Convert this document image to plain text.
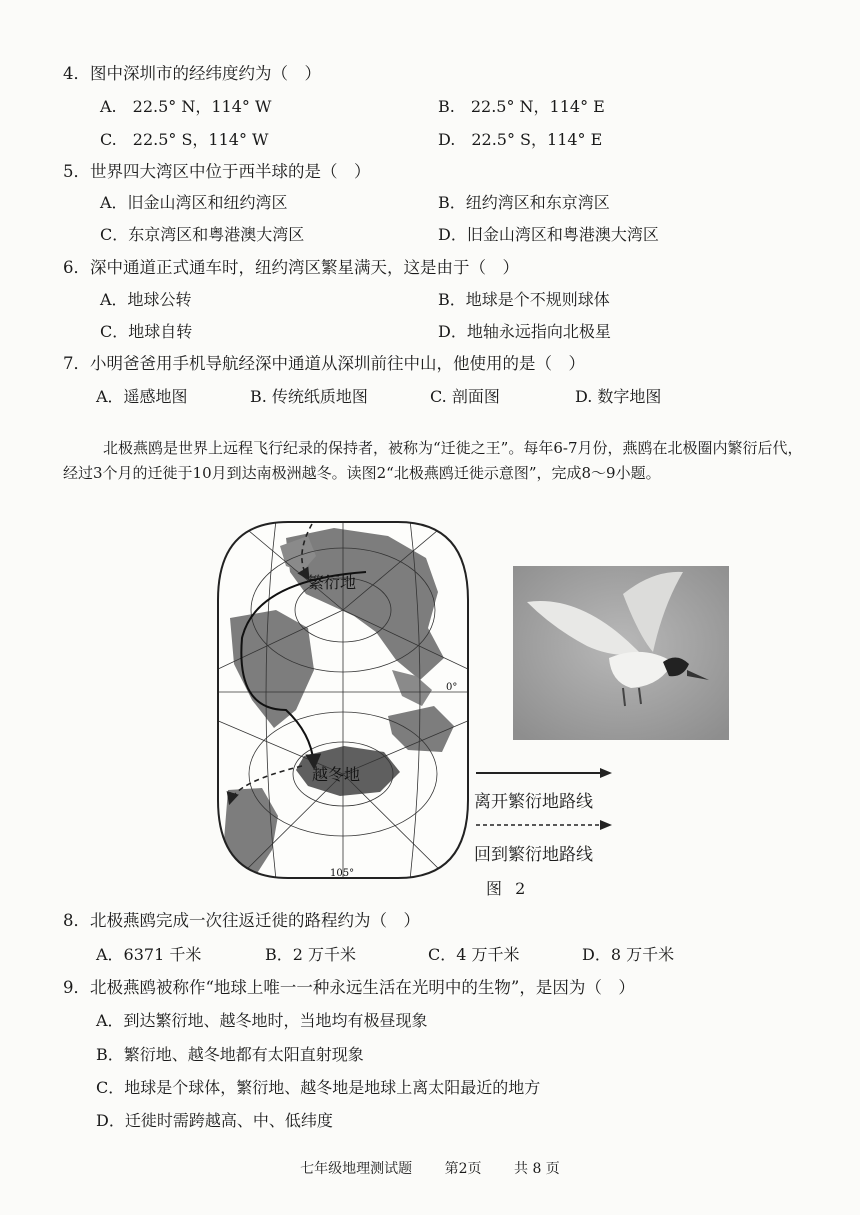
4．图中深圳市的经纬度约为（　）
A.　22.5° N，114° W	B.　22.5° N，114° E
C.　22.5° S，114° W	D.　22.5° S，114° E
5．世界四大湾区中位于西半球的是（　）
A．旧金山湾区和纽约湾区	B．纽约湾区和东京湾区
C．东京湾区和粤港澳大湾区	D．旧金山湾区和粤港澳大湾区
6．深中通道正式通车时，纽约湾区繁星满天，这是由于（　）
A．地球公转	B．地球是个不规则球体
C．地球自转	D．地轴永远指向北极星
7．小明爸爸用手机导航经深中通道从深圳前往中山，他使用的是（　）
A．遥感地图	B. 传统纸质地图	C. 剖面图	D. 数字地图
北极燕鸥是世界上远程飞行纪录的保持者，被称为“迁徙之王”。每年6-7月份，燕鸥在北极圈内繁衍后代，经过3个月的迁徙于10月到达南极洲越冬。读图2“北极燕鸥迁徙示意图”，完成8～9小题。
繁衍地
越冬地
0°
105°
离开繁衍地路线
回到繁衍地路线
图 2
8．北极燕鸥完成一次往返迁徙的路程约为（　）
A．6371 千米	B．2 万千米	C．4 万千米	D．8 万千米
9．北极燕鸥被称作“地球上唯一一种永远生活在光明中的生物”，是因为（　）
A．到达繁衍地、越冬地时，当地均有极昼现象
B．繁衍地、越冬地都有太阳直射现象
C．地球是个球体，繁衍地、越冬地是地球上离太阳最近的地方
D．迁徙时需跨越高、中、低纬度
七年级地理测试题 第2页 共 8 页
